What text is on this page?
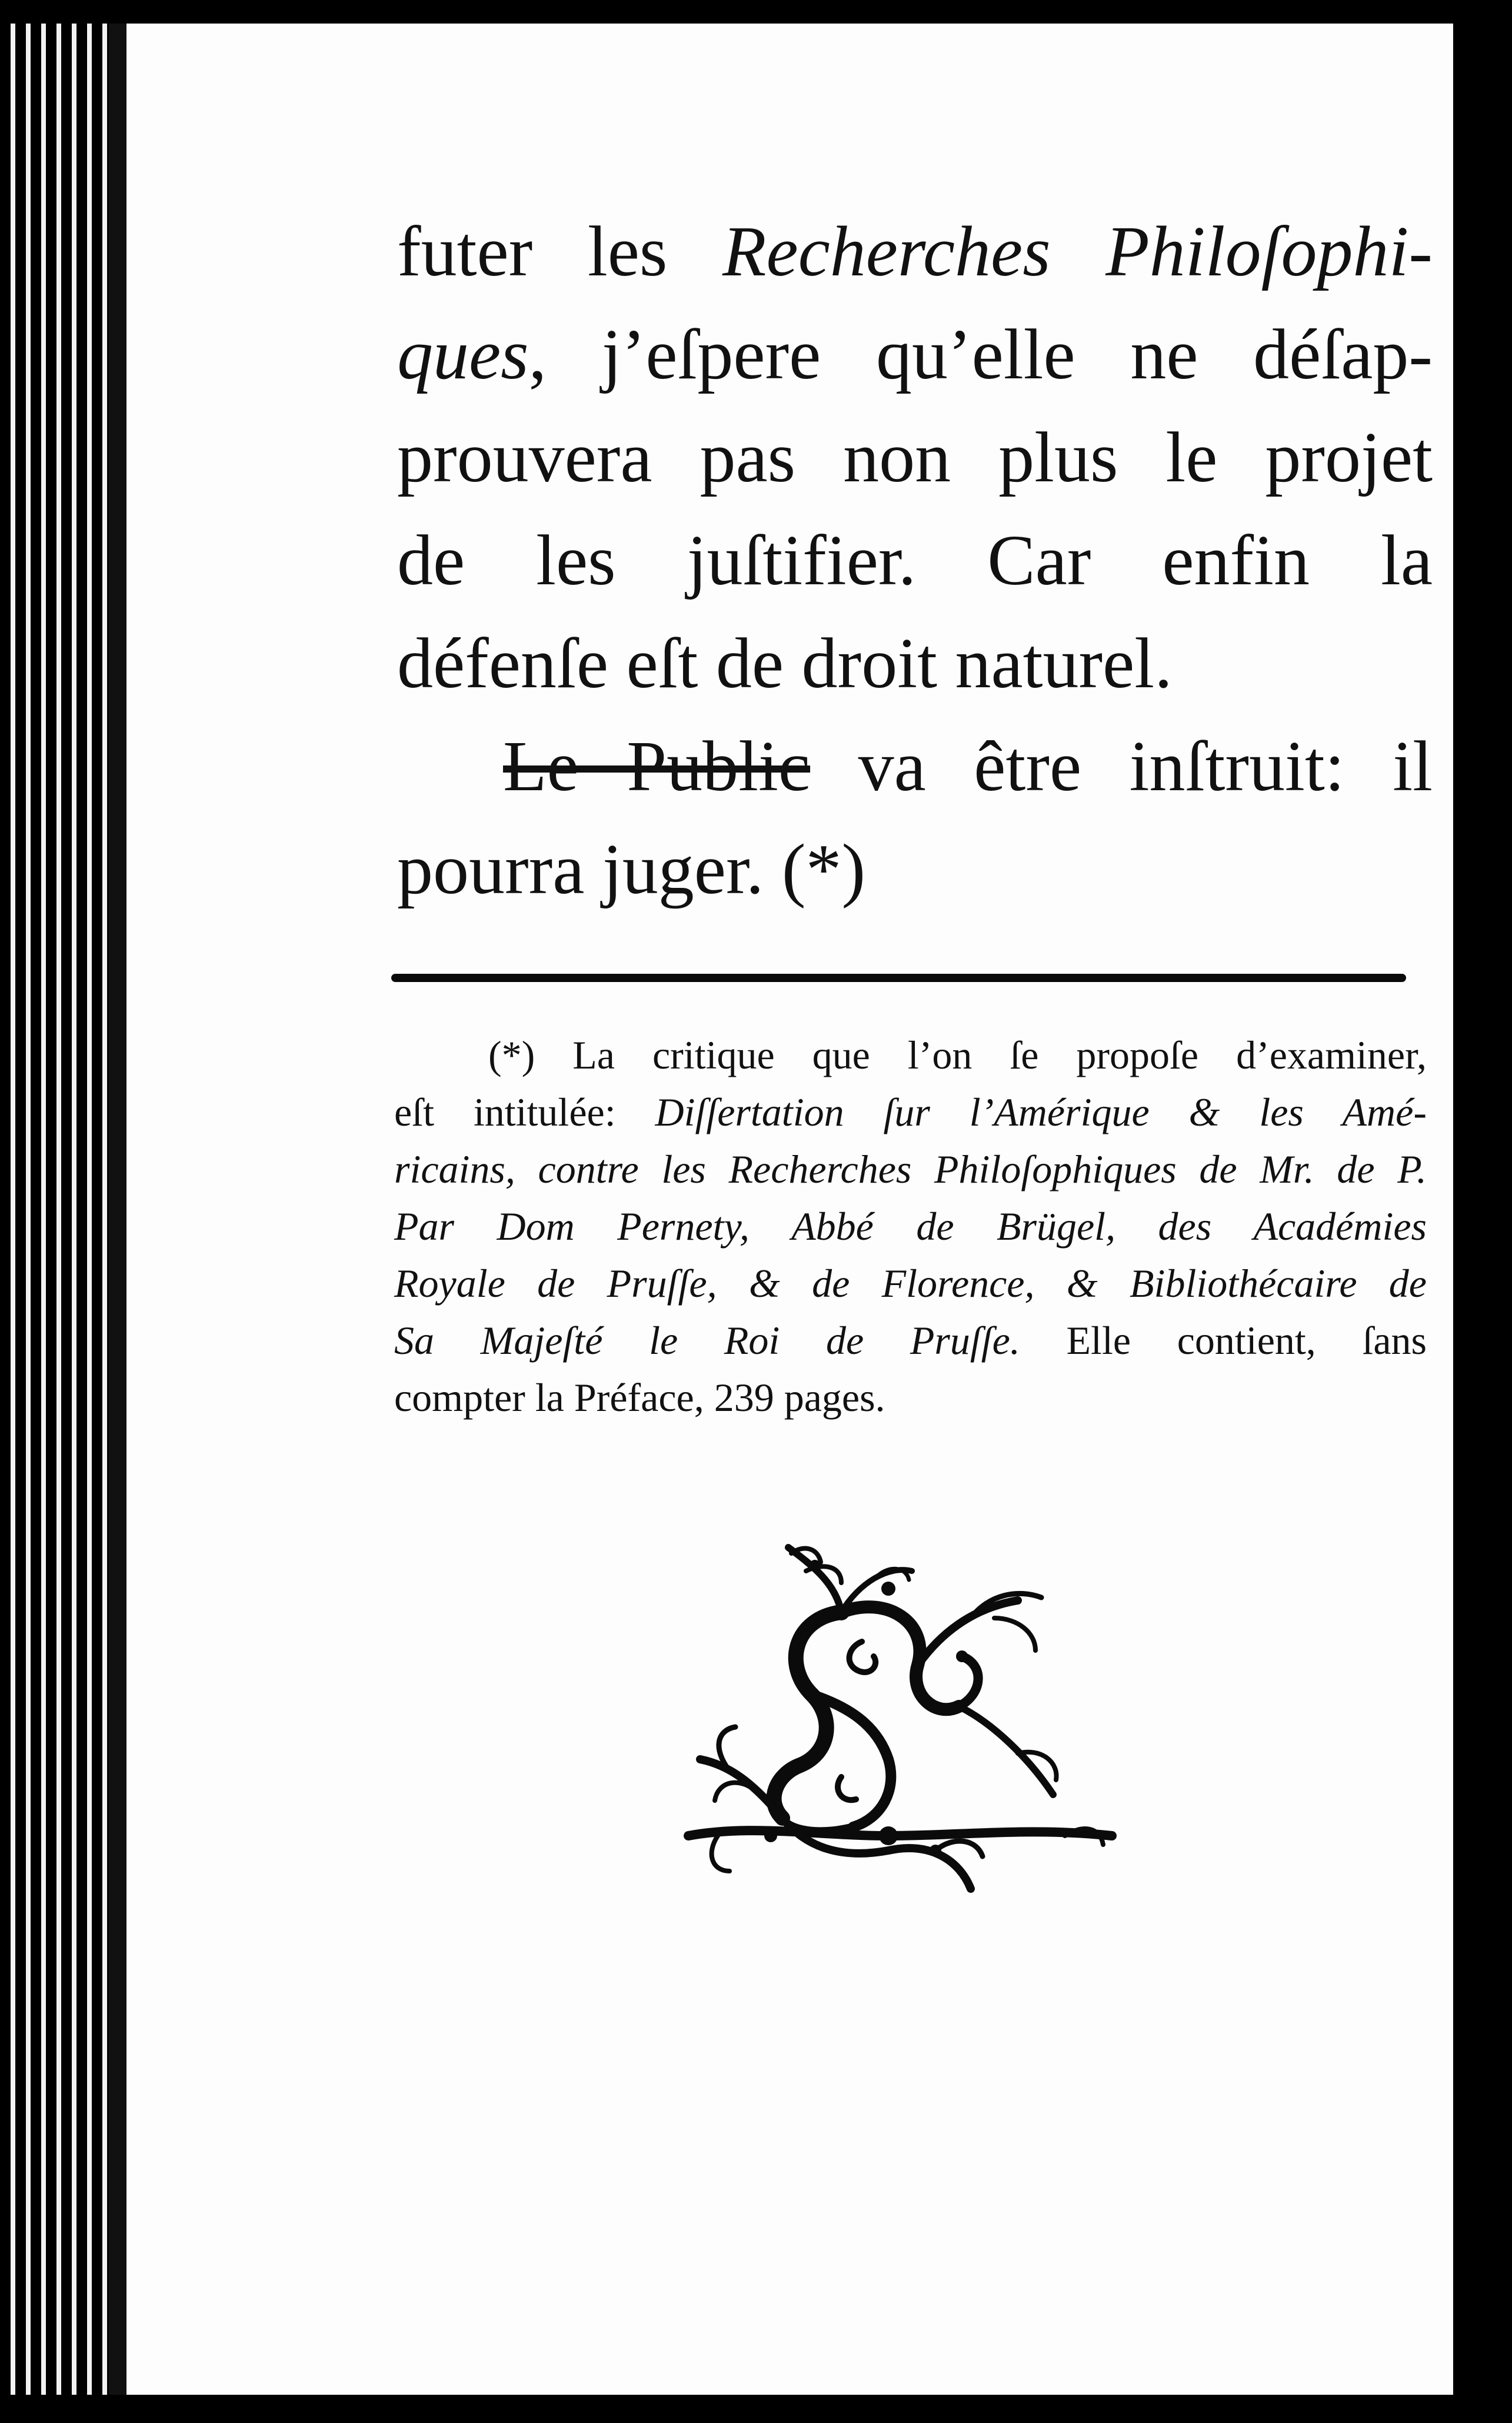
futer les Recherches Philoſophi-
ques, j’eſpere qu’elle ne déſap-
prouvera pas non plus le projet
de les juſtifier. Car enfin la
défenſe eſt de droit naturel.
Le Public va être inſtruit: il
pourra juger. (*)
(*) La critique que l’on ſe propoſe d’examiner,
eſt intitulée: Diſſertation ſur l’Amérique & les Amé-
ricains, contre les Recherches Philoſophiques de Mr. de P.
Par Dom Pernety, Abbé de Brügel, des Académies
Royale de Pruſſe, & de Florence, & Bibliothécaire de
Sa Majeſté le Roi de Pruſſe. Elle contient, ſans
compter la Préface, 239 pages.
